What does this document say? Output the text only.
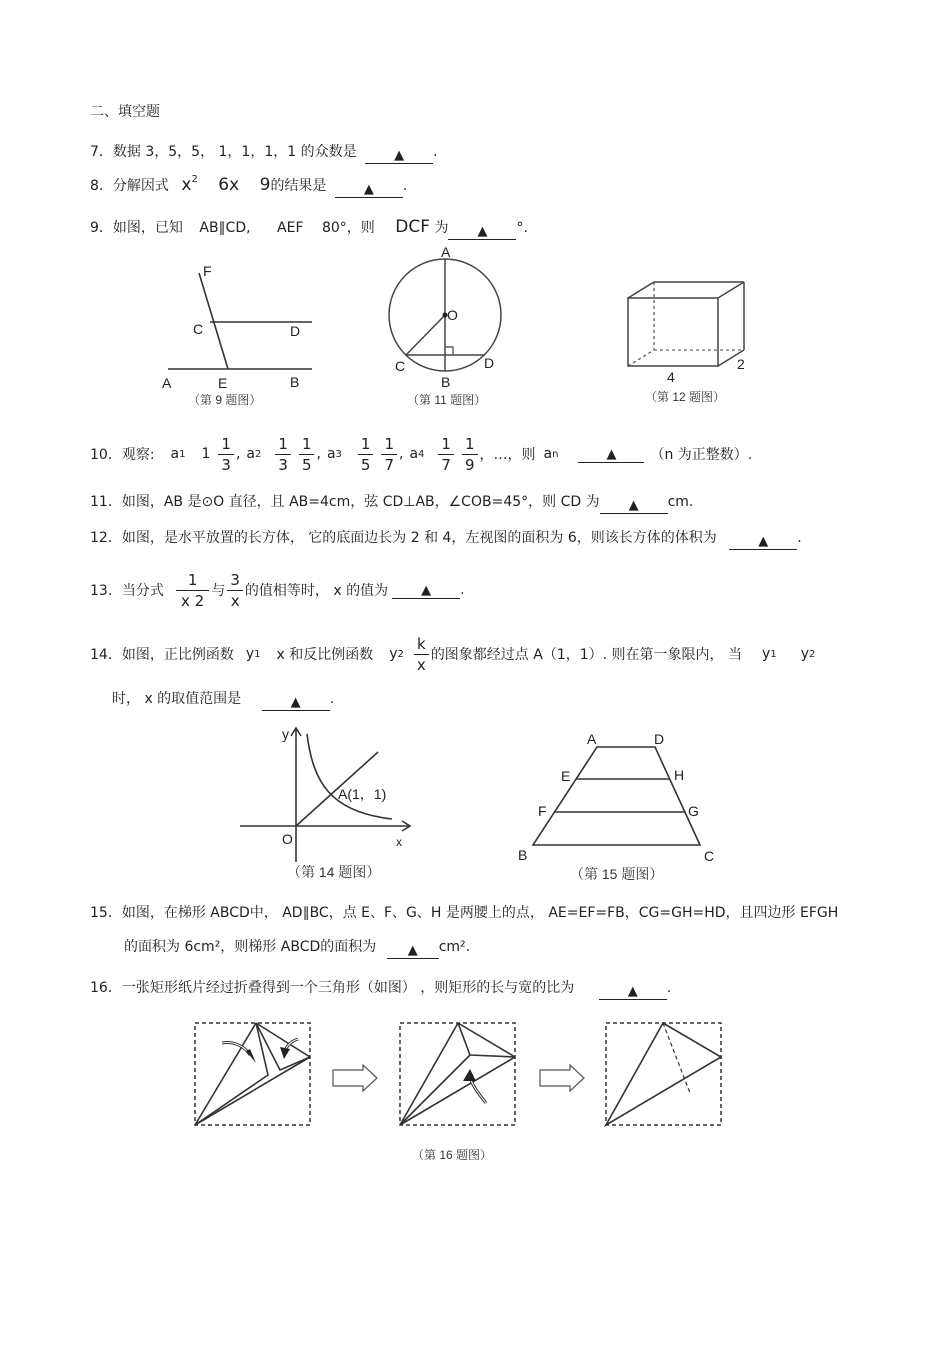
二、填空题
7．数据 3，5，5， 1，1，1，1 的众数是	▲ .
8．分解因式 $x^2$ 6x 9的结果是	▲ .
9．如图，已知 AB∥CD, AEF 80°，则 DCF 为 ▲ °.
F
C	D
A	E	B
（第 9 题图）
A
O
C	D
B
（第 11 题图）
4
2
（第 12 题图）
10．观察: a 1 $1 \frac{1}{3}$ , a $2 \frac{1}{3} \frac{1}{5}$ , a $3 \frac{1}{5} \frac{1}{7}$ , a $4 \frac{1}{7} \frac{1}{9}$ ，…，则 a n	▲	（n 为正整数）.
11．如图，AB 是⊙O 直径，且 AB=4cm，弦 CD⊥AB，∠COB=45°，则 CD 为 ▲ cm.
12．如图，是水平放置的长方体， 它的底面边长为 2 和 4，左视图的面积为 6，则该长方体的体积为	▲ .
13．当分式 $\frac{1}{x 2}$ 与 $\frac{3}{x}$ 的值相等时， x 的值为	▲	.
14．如图，正比例函数 y 1 x 和反比例函数 y $2 \frac{k}{x}$ 的图象都经过点 A（1，1）. 则在第一象限内， 当 y 1 y 2
时， x 的取值范围是	▲ .
y
A(1，1)
O	x
（第 14 题图）
A	D
E	H
F	G
B	C
（第 15 题图）
15．如图，在梯形 ABCD中， AD∥BC，点 E、F、G、H 是两腰上的点， AE=EF=FB，CG=GH=HD，且四边形 EFGH
的面积为 6cm²，则梯形 ABCD的面积为 ▲ cm².
16．一张矩形纸片经过折叠得到一个三角形（如图） ，则矩形的长与宽的比为	▲ .
（第 16 题图）
